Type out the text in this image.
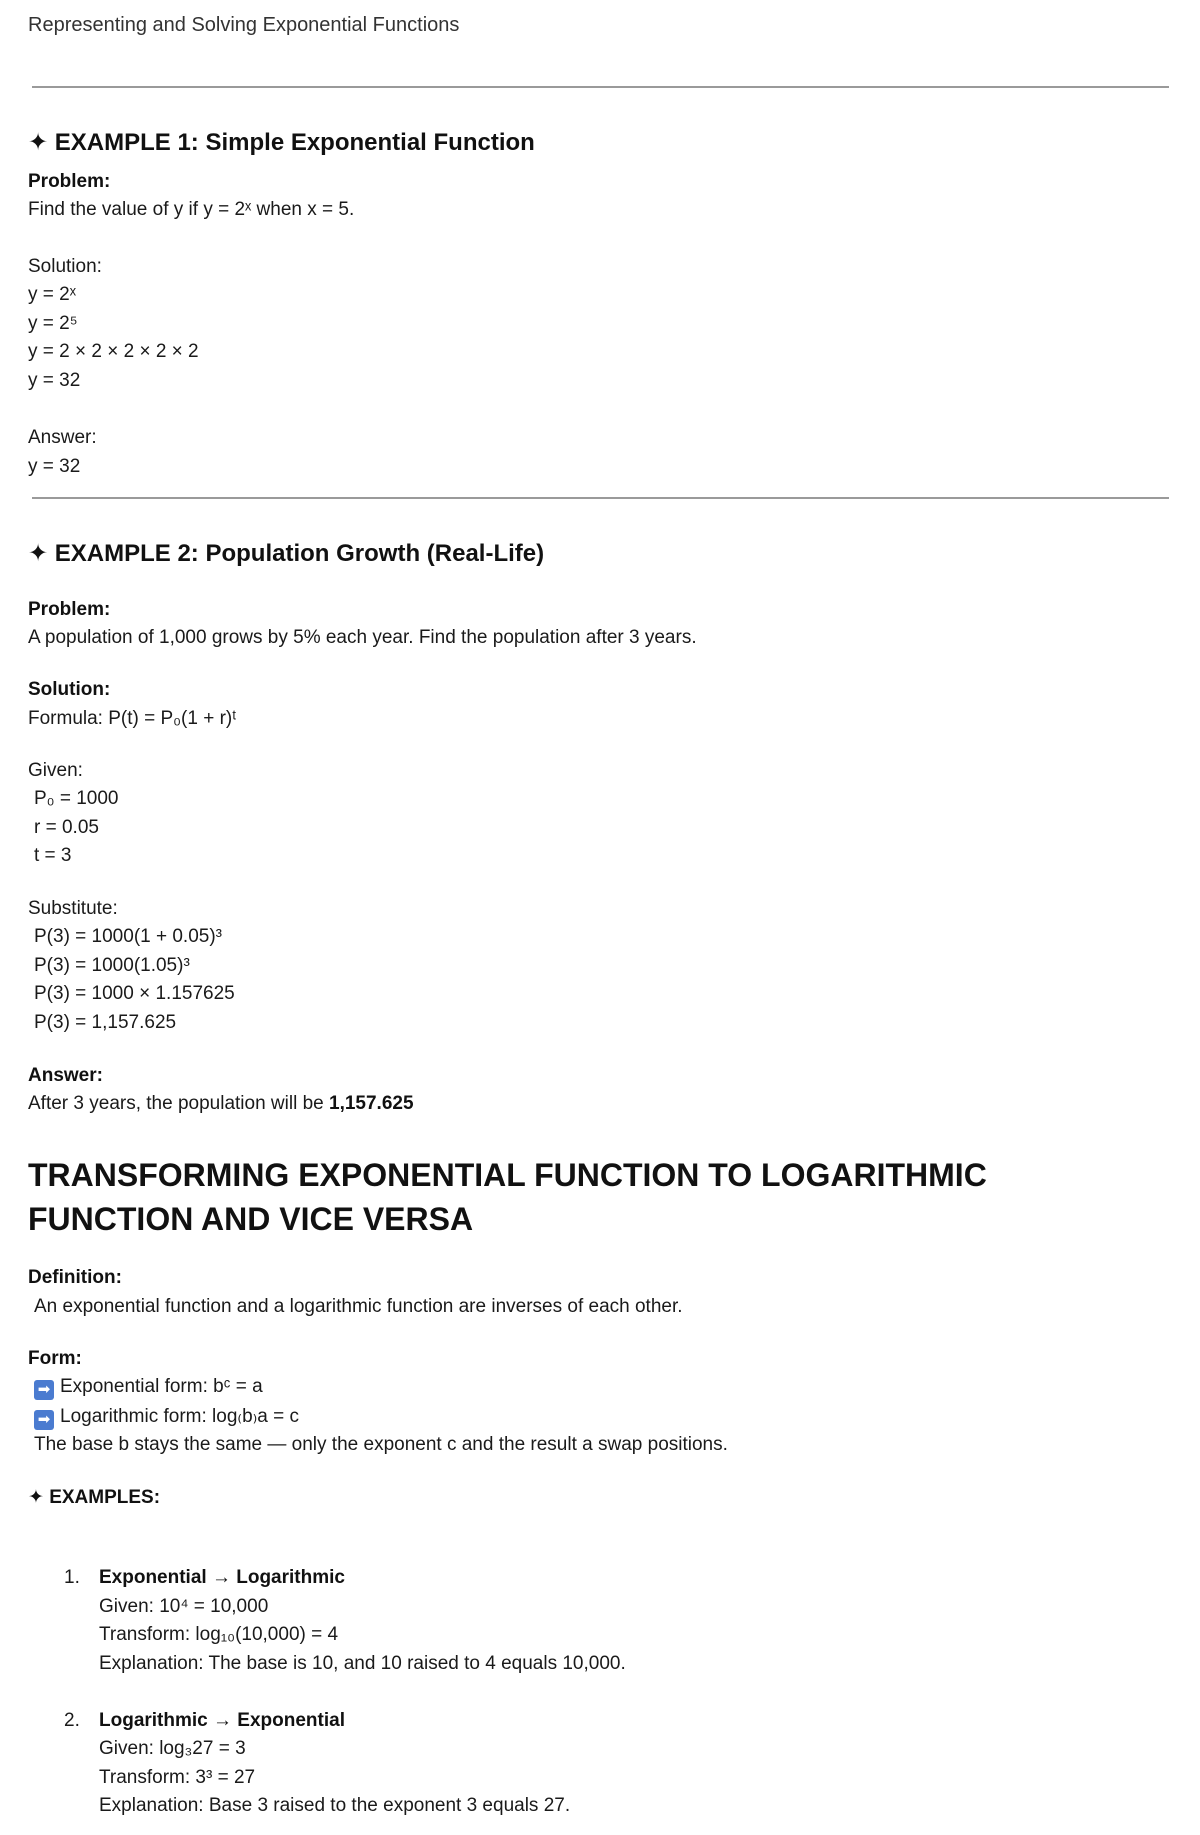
Representing and Solving Exponential Functions
✦ EXAMPLE 1: Simple Exponential Function
Problem:
Find the value of y if y = 2ˣ when x = 5.
Solution:
y = 2ˣ
y = 2⁵
y = 2 × 2 × 2 × 2 × 2
y = 32
Answer:
y = 32
✦ EXAMPLE 2: Population Growth (Real-Life)
Problem:
A population of 1,000 grows by 5% each year. Find the population after 3 years.
Solution:
Formula: P(t) = P₀(1 + r)ᵗ
Given:
P₀ = 1000
r = 0.05
t = 3
Substitute:
P(3) = 1000(1 + 0.05)³
P(3) = 1000(1.05)³
P(3) = 1000 × 1.157625
P(3) = 1,157.625
Answer:
After 3 years, the population will be 1,157.625
TRANSFORMING EXPONENTIAL FUNCTION TO LOGARITHMIC FUNCTION AND VICE VERSA
Definition:
An exponential function and a logarithmic function are inverses of each other.
Form:
➡ Exponential form: bᶜ = a
➡ Logarithmic form: log₍b₎a = c
The base b stays the same — only the exponent c and the result a swap positions.
✦ EXAMPLES:
1. Exponential → Logarithmic
Given: 10⁴ = 10,000
Transform: log₁₀(10,000) = 4
Explanation: The base is 10, and 10 raised to 4 equals 10,000.
2. Logarithmic → Exponential
Given: log₃27 = 3
Transform: 3³ = 27
Explanation: Base 3 raised to the exponent 3 equals 27.
